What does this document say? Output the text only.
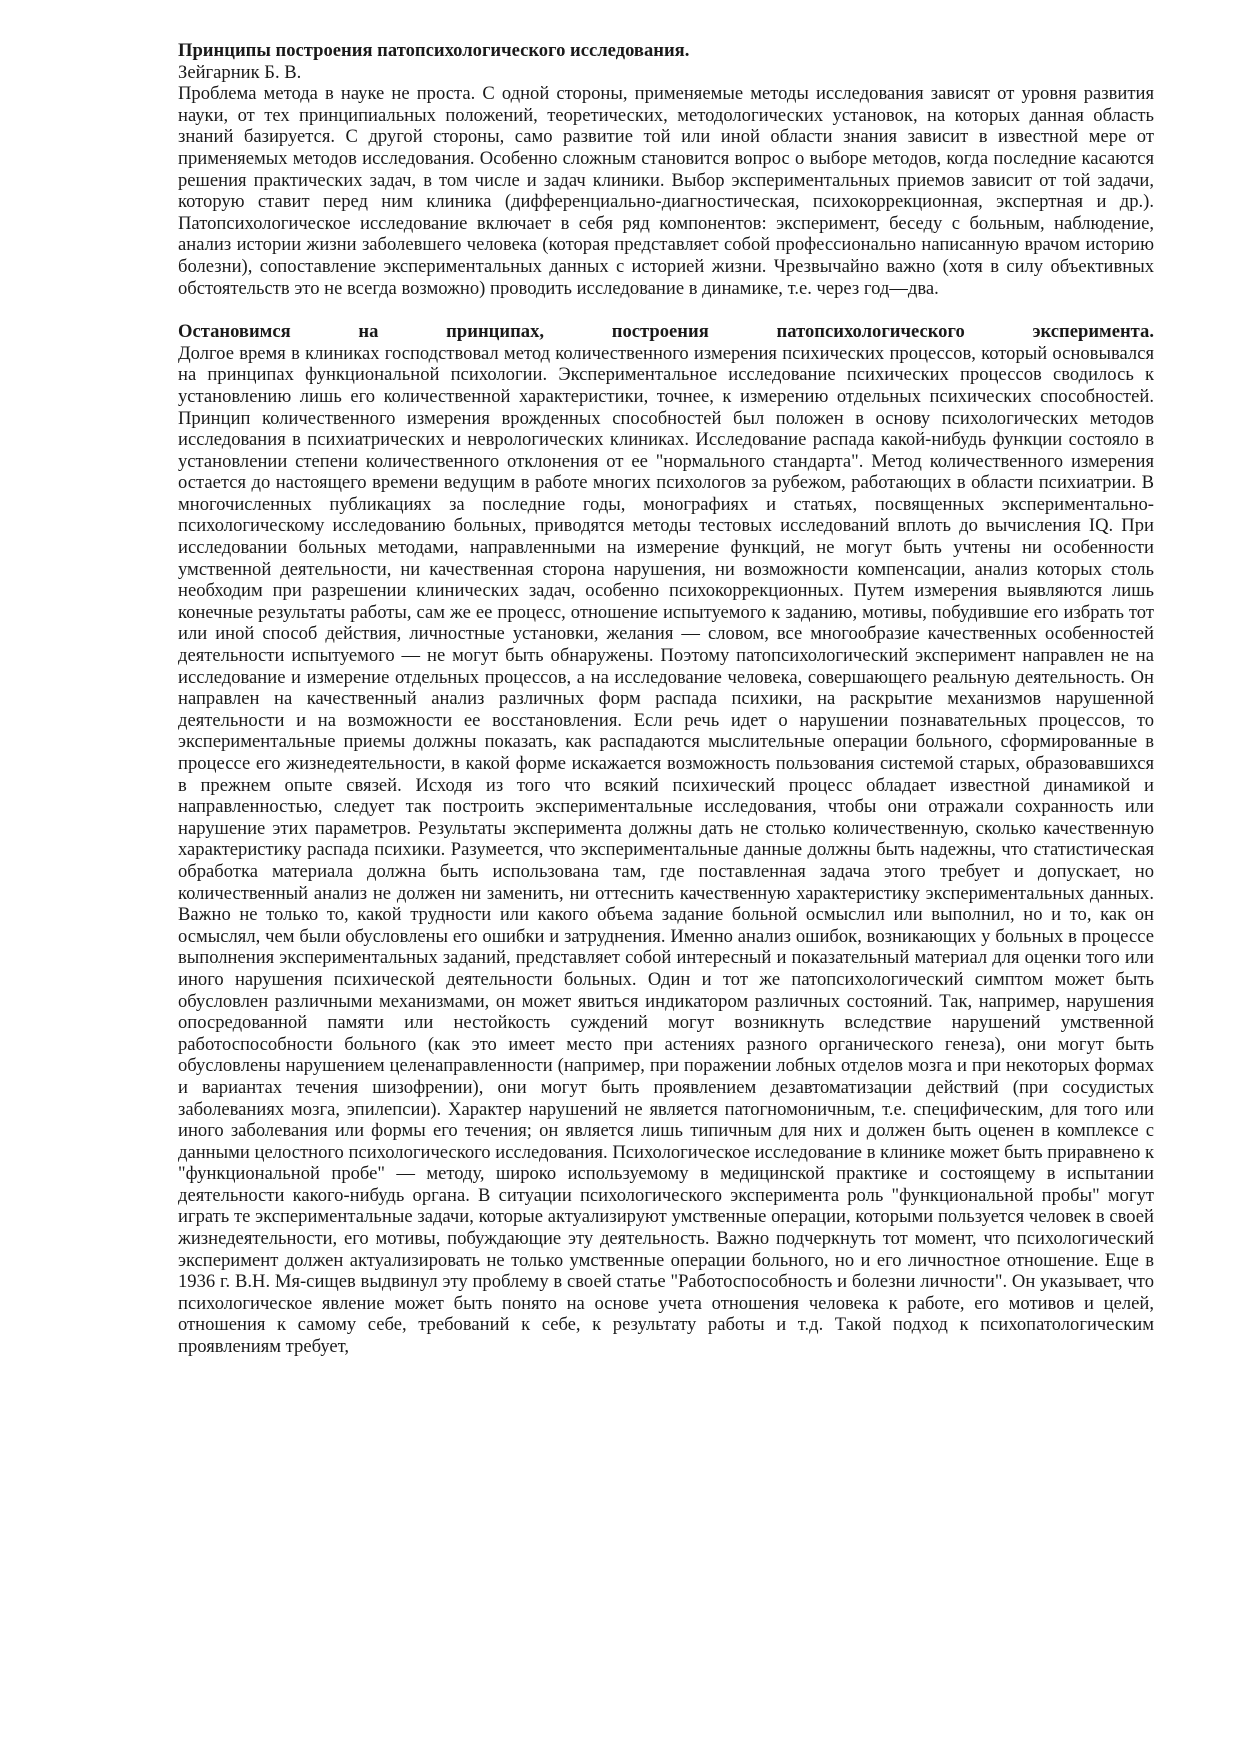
Принципы построения патопсихологического исследования.

Зейгарник Б. В.

Проблема метода в науке не проста. С одной стороны, применяемые методы исследования зависят от уровня развития науки, от тех принципиальных положений, теоретических, методологических установок, на которых данная область знаний базируется. С другой стороны, само развитие той или иной области знания зависит в известной мере от применяемых методов исследования. Особенно сложным становится вопрос о выборе методов, когда последние касаются решения практических задач, в том числе и задач клиники. Выбор экспериментальных приемов зависит от той задачи, которую ставит перед ним клиника (дифференциально-диагностическая, психокоррекционная, экспертная и др.). Патопсихологическое исследование включает в себя ряд компонентов: эксперимент, беседу с больным, наблюдение, анализ истории жизни заболевшего человека (которая представляет собой профессионально написанную врачом историю болезни), сопоставление экспериментальных данных с историей жизни. Чрезвычайно важно (хотя в силу объективных обстоятельств это не всегда возможно) проводить исследование в динамике, т.е. через год—два.

Остановимся на принципах, построения патопсихологического эксперимента.

Долгое время в клиниках господствовал метод количественного измерения психических процессов, который основывался на принципах функциональной психологии. Экспериментальное исследование психических процессов сводилось к установлению лишь его количественной характеристики, точнее, к измерению отдельных психических способностей. Принцип количественного измерения врожденных способностей был положен в основу психологических методов исследования в психиатрических и неврологических клиниках. Исследование распада какой-нибудь функции состояло в установлении степени количественного отклонения от ее "нормального стандарта". Метод количественного измерения остается до настоящего времени ведущим в работе многих психологов за рубежом, работающих в области психиатрии. В многочисленных публикациях за последние годы, монографиях и статьях, посвященных экспериментально-психологическому исследованию больных, приводятся методы тестовых исследований вплоть до вычисления IQ. При исследовании больных методами, направленными на измерение функций, не могут быть учтены ни особенности умственной деятельности, ни качественная сторона нарушения, ни возможности компенсации, анализ которых столь необходим при разрешении клинических задач, особенно психокоррекционных. Путем измерения выявляются лишь конечные результаты работы, сам же ее процесс, отношение испытуемого к заданию, мотивы, побудившие его избрать тот или иной способ действия, личностные установки, желания — словом, все многообразие качественных особенностей деятельности испытуемого — не могут быть обнаружены. Поэтому патопсихологический эксперимент направлен не на исследование и измерение отдельных процессов, а на исследование человека, совершающего реальную деятельность. Он направлен на качественный анализ различных форм распада психики, на раскрытие механизмов нарушенной деятельности и на возможности ее восстановления. Если речь идет о нарушении познавательных процессов, то экспериментальные приемы должны показать, как распадаются мыслительные операции больного, сформированные в процессе его жизнедеятельности, в какой форме искажается возможность пользования системой старых, образовавшихся в прежнем опыте связей. Исходя из того что всякий психический процесс обладает известной динамикой и направленностью, следует так построить экспериментальные исследования, чтобы они отражали сохранность или нарушение этих параметров. Результаты эксперимента должны дать не столько количественную, сколько качественную характеристику распада психики. Разумеется, что экспериментальные данные должны быть надежны, что статистическая обработка материала должна быть использована там, где поставленная задача этого требует и допускает, но количественный анализ не должен ни заменить, ни оттеснить качественную характеристику экспериментальных данных. Важно не только то, какой трудности или какого объема задание больной осмыслил или выполнил, но и то, как он осмыслял, чем были обусловлены его ошибки и затруднения. Именно анализ ошибок, возникающих у больных в процессе выполнения экспериментальных заданий, представляет собой интересный и показательный материал для оценки того или иного нарушения психической деятельности больных. Один и тот же патопсихологический симптом может быть обусловлен различными механизмами, он может явиться индикатором различных состояний. Так, например, нарушения опосредованной памяти или нестойкость суждений могут возникнуть вследствие нарушений умственной работоспособности больного (как это имеет место при астениях разного органического генеза), они могут быть обусловлены нарушением целенаправленности (например, при поражении лобных отделов мозга и при некоторых формах и вариантах течения шизофрении), они могут быть проявлением дезавтоматизации действий (при сосудистых заболеваниях мозга, эпилепсии). Характер нарушений не является патогномоничным, т.е. специфическим, для того или иного заболевания или формы его течения; он является лишь типичным для них и должен быть оценен в комплексе с данными целостного психологического исследования. Психологическое исследование в клинике может быть приравнено к "функциональной пробе" — методу, широко используемому в медицинской практике и состоящему в испытании деятельности какого-нибудь органа. В ситуации психологического эксперимента роль "функциональной пробы" могут играть те экспериментальные задачи, которые актуализируют умственные операции, которыми пользуется человек в своей жизнедеятельности, его мотивы, побуждающие эту деятельность. Важно подчеркнуть тот момент, что психологический эксперимент должен актуализировать не только умственные операции больного, но и его личностное отношение. Еще в 1936 г. В.Н. Мя-сищев выдвинул эту проблему в своей статье "Работоспособность и болезни личности". Он указывает, что психологическое явление может быть понято на основе учета отношения человека к работе, его мотивов и целей, отношения к самому себе, требований к себе, к результату работы и т.д. Такой подход к психопатологическим проявлениям требует,
